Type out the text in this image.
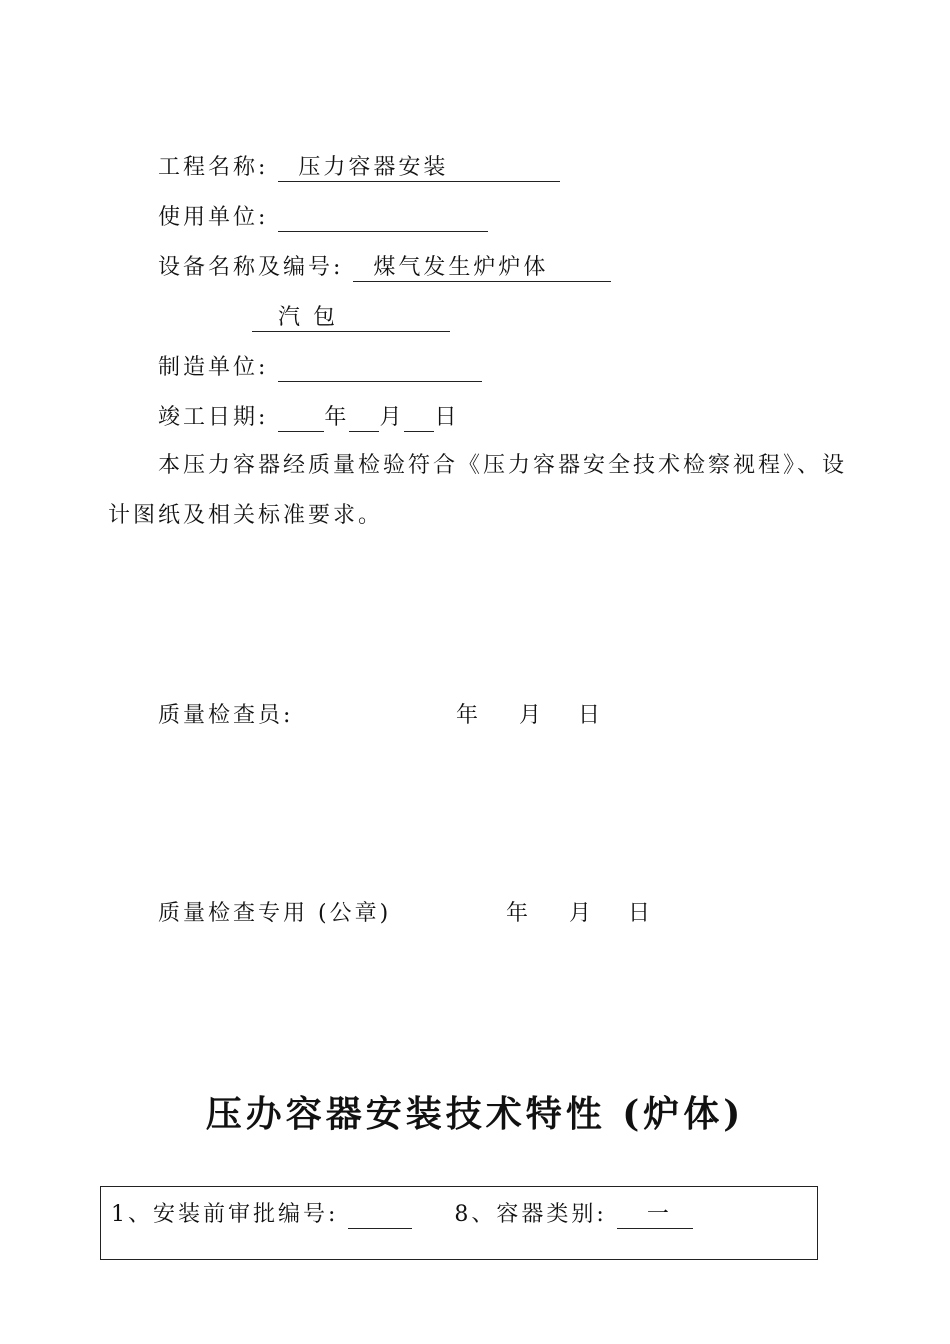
工程名称: 压力容器安装
使用单位:
设备名称及编号: 煤气发生炉炉体
汽 包
制造单位:
竣工日期:	年 月 日
本压力容器经质量检验符合《压力容器安全技术检察视程》、设
计图纸及相关标准要求。
质量检查员:	年 月 日
质量检查专用 (公章)	年 月 日
压办容器安装技术特性 (炉体)
1、安装前审批编号:	8、容器类别: 一
